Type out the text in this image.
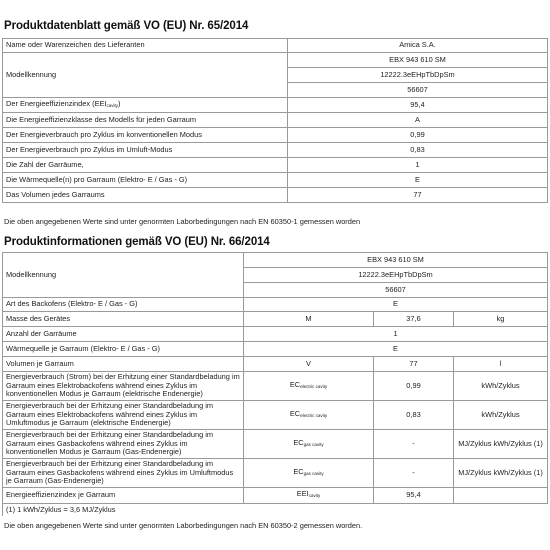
Produktdatenblatt gemäß VO (EU) Nr. 65/2014
Name oder Warenzeichen des Lieferanten	Amica S.A.
Modellkennung	EBX 943 610 SM
	12222.3eEHpTbDpSm
	56607
Der Energieeffizienzindex $(EEI_{cavity})$	95,4
Die Energieeffizienzklasse des Modells für jeden Garraum	A
Der Energieverbrauch pro Zyklus im konventionellen Modus	0,99
Der Energieverbrauch pro Zyklus im Umluft-Modus	0,83
Die Zahl der Garräume,	1
Die Wärmequelle(n) pro Garraum (Elektro- E / Gas - G)	E
Das Volumen jedes Garraums	77
Die oben angegebenen Werte sind unter genormten Laborbedingungen nach EN 60350-1 gemessen worden
Produktinformationen gemäß VO (EU) Nr. 66/2014
Modellkennung	EBX 943 610 SM		
	12222.3eEHpTbDpSm		
	56607		
Art des Backofens (Elektro- E / Gas - G)	E		
Masse des Gerätes	M	37,6	kg
Anzahl der Garräume	1		
Wärmequelle je Garraum (Elektro- E / Gas - G)	E		
Volumen je Garraum	V	77	l
Energieverbrauch (Strom) bei der Erhitzung einer Standardbeladung im Garraum eines Elektrobackofens während eines Zyklus im konventionellen Modus je Garraum (elektrische Endenergie)	$EC_{electric cavity}$	0,99	kWh/Zyklus
Energieverbrauch bei der Erhitzung einer Standardbeladung im Garraum eines Elektrobackofens während eines Zyklus im Umluftmodus je Garraum (elektrische Endenergie)	$EC_{electric cavity}$	0,83	kWh/Zyklus
Energieverbrauch bei der Erhitzung einer Standardbeladung im Garraum eines Gasbackofens während eines Zyklus im konventionellen Modus je Garraum (Gas-Endenergie)	$EC_{gas cavity}$	-	MJ/Zyklus kWh/Zyklus (1)
Energieverbrauch bei der Erhitzung einer Standardbeladung im Garraum eines Gasbackofens während eines Zyklus im Umluftmodus je Garraum (Gas-Endenergie)	$EC_{gas cavity}$	-	MJ/Zyklus kWh/Zyklus (1)
Energieeffizienzindex je Garraum	$EEI_{cavity}$	95,4	
(1) 1 kWh/Zyklus = 3,6 MJ/Zyklus			
Die oben angegebenen Werte sind unter genormten Laborbedingungen nach EN 60350-2 gemessen worden.
